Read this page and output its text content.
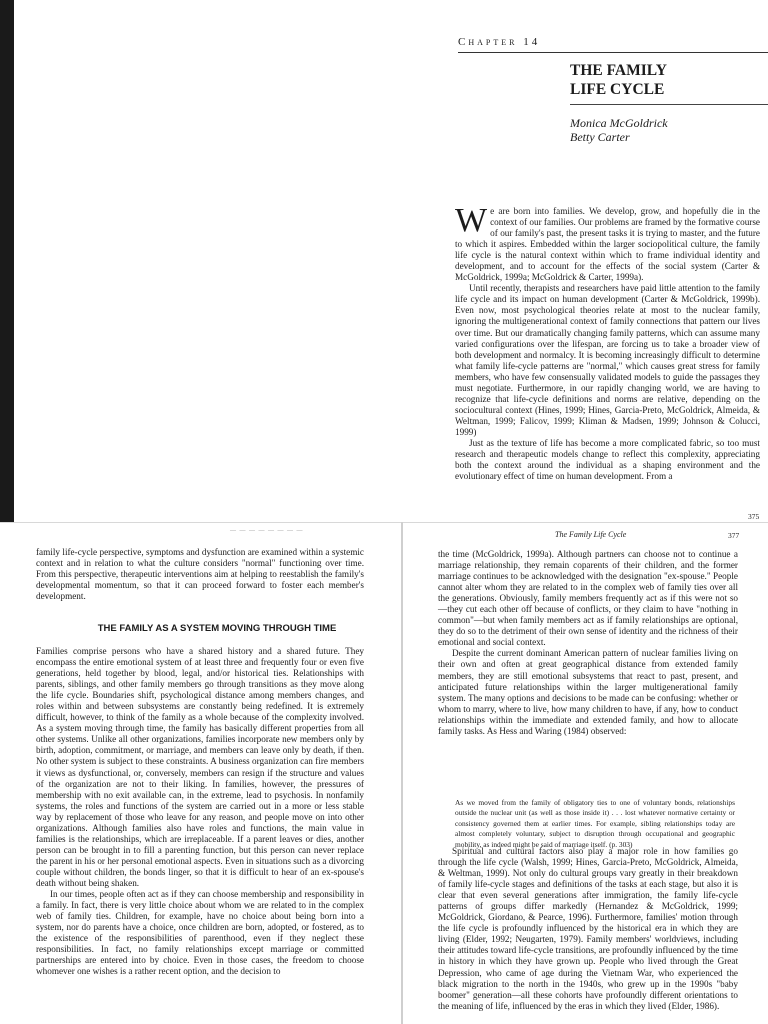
Chapter 14
THE FAMILY
LIFE CYCLE
Monica McGoldrick
Betty Carter

We are born into families. We develop, grow, and hopefully die in the context of our families. Our problems are framed by the formative course of our family's past, the present tasks it is trying to master, and the future to which it aspires. Embedded within the larger sociopolitical culture, the family life cycle is the natural context within which to frame individual identity and development, and to account for the effects of the social system (Carter & McGoldrick, 1999a; McGoldrick & Carter, 1999a).

Until recently, therapists and researchers have paid little attention to the family life cycle and its impact on human development (Carter & McGoldrick, 1999b). Even now, most psychological theories relate at most to the nuclear family, ignoring the multigenerational context of family connections that pattern our lives over time. But our dramatically changing family patterns, which can assume many varied configurations over the lifespan, are forcing us to take a broader view of both development and normalcy. It is becoming increasingly difficult to determine what family life-cycle patterns are "normal," which causes great stress for family members, who have few consensually validated models to guide the passages they must negotiate. Furthermore, in our rapidly changing world, we are having to recognize that life-cycle definitions and norms are relative, depending on the sociocultural context (Hines, 1999; Hines, Garcia-Preto, McGoldrick, Almeida, & Weltman, 1999; Falicov, 1999; Kliman & Madsen, 1999; Johnson & Colucci, 1999)

Just as the texture of life has become a more complicated fabric, so too must research and therapeutic models change to reflect this complexity, appreciating both the context around the individual as a shaping environment and the evolutionary effect of time on human development. From a

375
— — — — — — — —

family life-cycle perspective, symptoms and dysfunction are examined within a systemic context and in relation to what the culture considers "normal" functioning over time. From this perspective, therapeutic interventions aim at helping to reestablish the family's developmental momentum, so that it can proceed forward to foster each member's development.

THE FAMILY AS A SYSTEM MOVING THROUGH TIME

Families comprise persons who have a shared history and a shared future. They encompass the entire emotional system of at least three and frequently four or even five generations, held together by blood, legal, and/or historical ties. Relationships with parents, siblings, and other family members go through transitions as they move along the life cycle. Boundaries shift, psychological distance among members changes, and roles within and between subsystems are constantly being redefined. It is extremely difficult, however, to think of the family as a whole because of the complexity involved. As a system moving through time, the family has basically different properties from all other systems. Unlike all other organizations, families incorporate new members only by birth, adoption, commitment, or marriage, and members can leave only by death, if then. No other system is subject to these constraints. A business organization can fire members it views as dysfunctional, or, conversely, members can resign if the structure and values of the organization are not to their liking. In families, however, the pressures of membership with no exit available can, in the extreme, lead to psychosis. In nonfamily systems, the roles and functions of the system are carried out in a more or less stable way by replacement of those who leave for any reason, and people move on into other organizations. Although families also have roles and functions, the main value in families is the relationships, which are irreplaceable. If a parent leaves or dies, another person can be brought in to fill a parenting function, but this person can never replace the parent in his or her personal emotional aspects. Even in situations such as a divorcing couple without children, the bonds linger, so that it is difficult to hear of an ex-spouse's death without being shaken.

In our times, people often act as if they can choose membership and responsibility in a family. In fact, there is very little choice about whom we are related to in the complex web of family ties. Children, for example, have no choice about being born into a system, nor do parents have a choice, once children are born, adopted, or fostered, as to the existence of the responsibilities of parenthood, even if they neglect these responsibilities. In fact, no family relationships except marriage or committed partnerships are entered into by choice. Even in those cases, the freedom to choose whomever one wishes is a rather recent option, and the decision to

The Family Life Cycle	377

the time (McGoldrick, 1999a). Although partners can choose not to continue a marriage relationship, they remain coparents of their children, and the former marriage continues to be acknowledged with the designation "ex-spouse." People cannot alter whom they are related to in the complex web of family ties over all the generations. Obviously, family members frequently act as if this were not so—they cut each other off because of conflicts, or they claim to have "nothing in common"—but when family members act as if family relationships are optional, they do so to the detriment of their own sense of identity and the richness of their emotional and social context.

Despite the current dominant American pattern of nuclear families living on their own and often at great geographical distance from extended family members, they are still emotional subsystems that react to past, present, and anticipated future relationships within the larger multigenerational family system. The many options and decisions to be made can be confusing: whether or whom to marry, where to live, how many children to have, if any, how to conduct relationships within the immediate and extended family, and how to allocate family tasks. As Hess and Waring (1984) observed:

As we moved from the family of obligatory ties to one of voluntary bonds, relationships outside the nuclear unit (as well as those inside it) . . . lost whatever normative certainty or consistency governed them at earlier times. For example, sibling relationships today are almost completely voluntary, subject to disruption through occupational and geographic mobility, as indeed might be said of marriage itself. (p. 303)

Spiritual and cultural factors also play a major role in how families go through the life cycle (Walsh, 1999; Hines, Garcia-Preto, McGoldrick, Almeida, & Weltman, 1999). Not only do cultural groups vary greatly in their breakdown of family life-cycle stages and definitions of the tasks at each stage, but also it is clear that even several generations after immigration, the family life-cycle patterns of groups differ markedly (Hernandez & McGoldrick, 1999; McGoldrick, Giordano, & Pearce, 1996). Furthermore, families' motion through the life cycle is profoundly influenced by the historical era in which they are living (Elder, 1992; Neugarten, 1979). Family members' worldviews, including their attitudes toward life-cycle transitions, are profoundly influenced by the time in history in which they have grown up. People who lived through the Great Depression, who came of age during the Vietnam War, who experienced the black migration to the north in the 1940s, who grew up in the 1990s "baby boomer" generation—all these cohorts have profoundly different orientations to the meaning of life, influenced by the eras in which they lived (Elder, 1986).
